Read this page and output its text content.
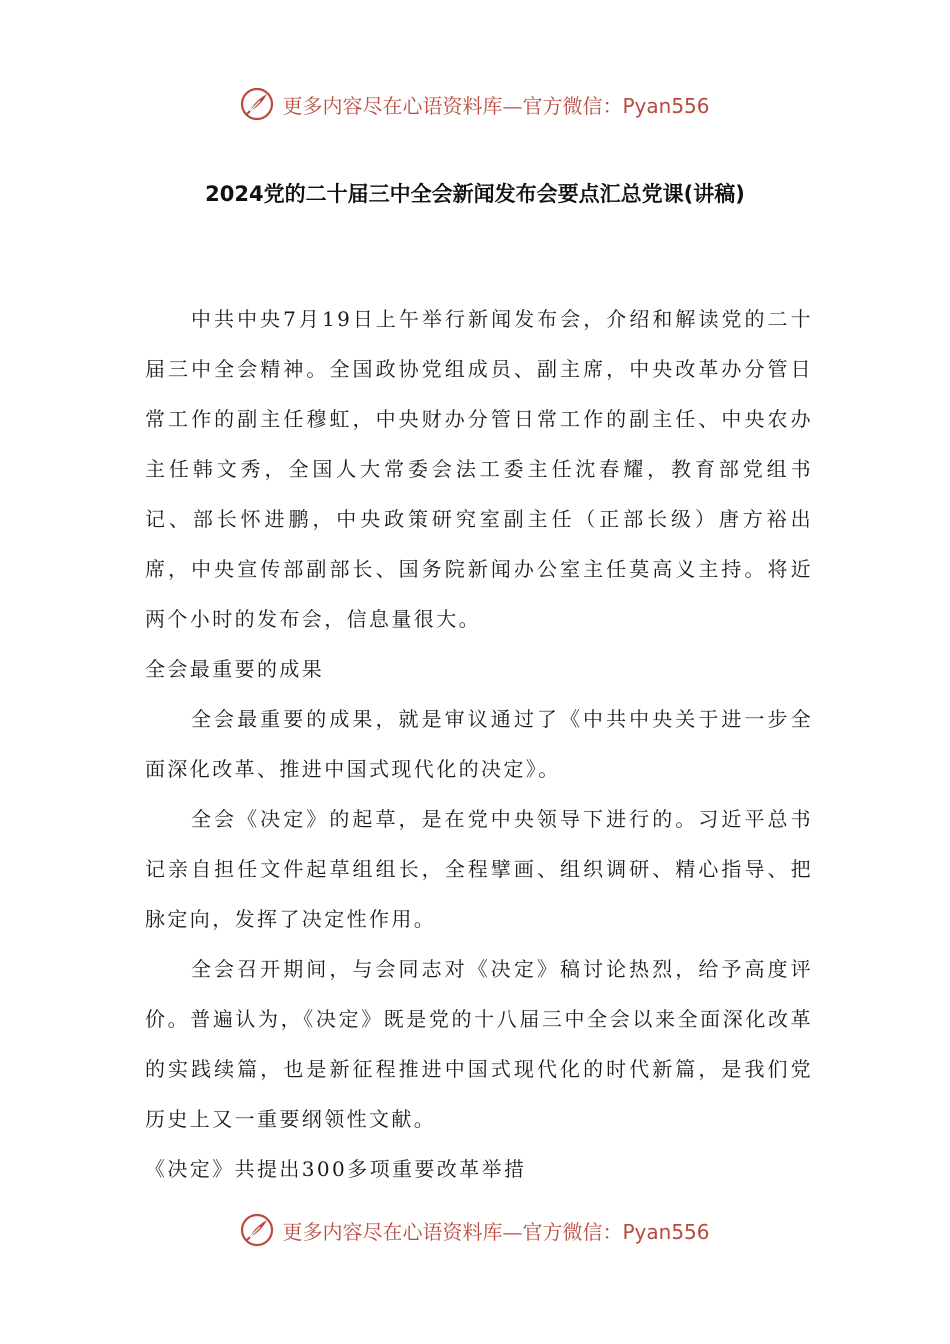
更多内容尽在心语资料库—官方微信：Pyan556
2024党的二十届三中全会新闻发布会要点汇总党课(讲稿)

中共中央7月19日上午举行新闻发布会，介绍和解读党的二十届三中全会精神。全国政协党组成员、副主席，中央改革办分管日常工作的副主任穆虹，中央财办分管日常工作的副主任、中央农办主任韩文秀，全国人大常委会法工委主任沈春耀，教育部党组书记、部长怀进鹏，中央政策研究室副主任（正部长级）唐方裕出席，中央宣传部副部长、国务院新闻办公室主任莫高义主持。将近两个小时的发布会，信息量很大。

全会最重要的成果

全会最重要的成果，就是审议通过了《中共中央关于进一步全面深化改革、推进中国式现代化的决定》。

全会《决定》的起草，是在党中央领导下进行的。习近平总书记亲自担任文件起草组组长，全程擘画、组织调研、精心指导、把脉定向，发挥了决定性作用。

全会召开期间，与会同志对《决定》稿讨论热烈，给予高度评价。普遍认为，《决定》既是党的十八届三中全会以来全面深化改革的实践续篇，也是新征程推进中国式现代化的时代新篇，是我们党历史上又一重要纲领性文献。

《决定》共提出300多项重要改革举措

更多内容尽在心语资料库—官方微信：Pyan556
